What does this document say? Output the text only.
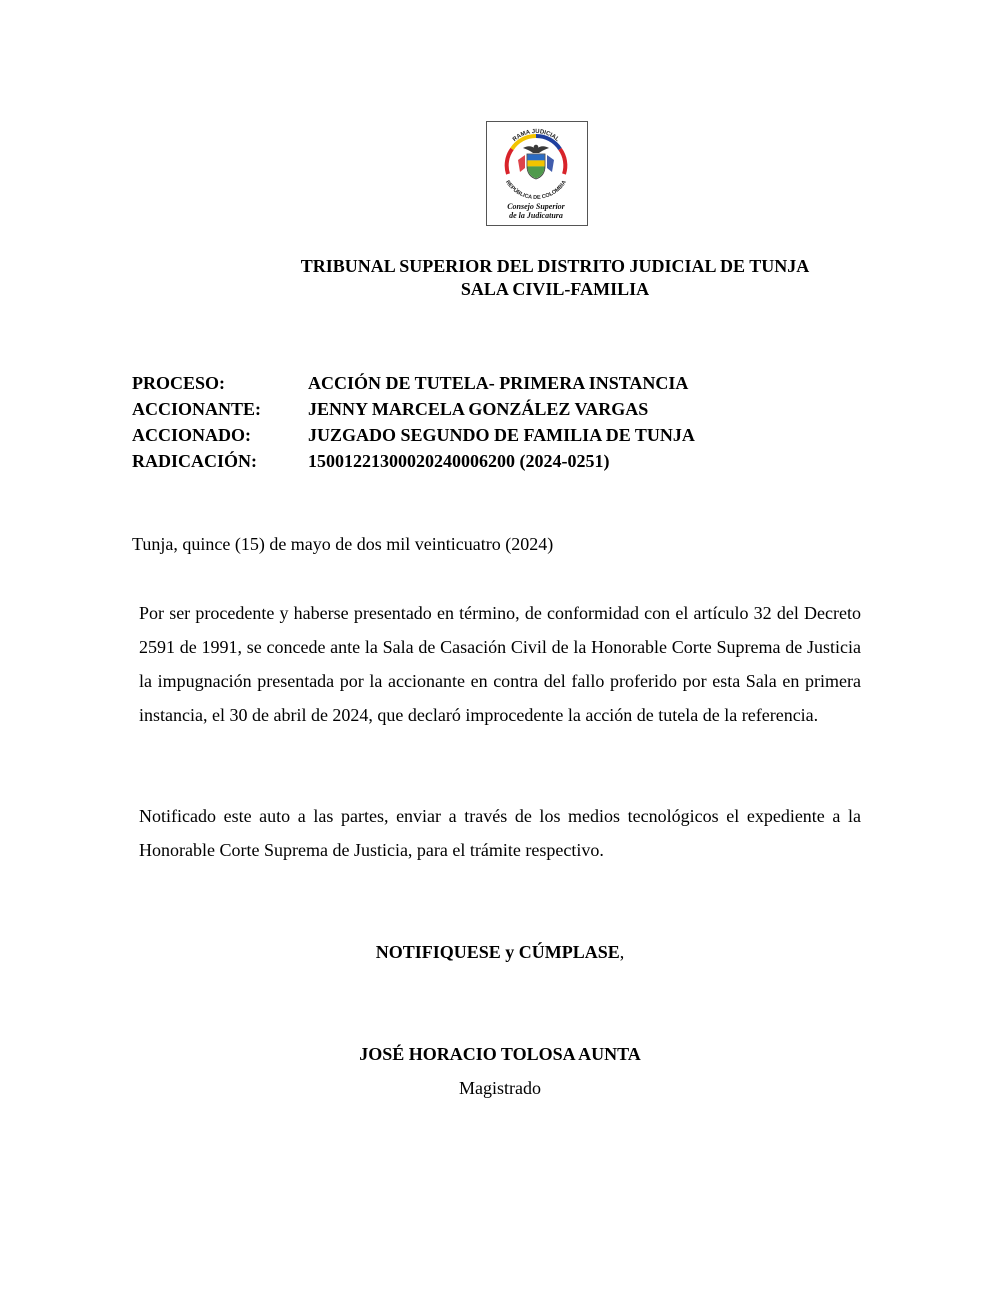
RAMA JUDICIAL
REPÚBLICA DE COLOMBIA
Consejo Superior
de la Judicatura
TRIBUNAL SUPERIOR DEL DISTRITO JUDICIAL DE TUNJA
SALA CIVIL-FAMILIA
PROCESO:	ACCIÓN DE TUTELA- PRIMERA INSTANCIA
ACCIONANTE:	JENNY MARCELA GONZÁLEZ VARGAS
ACCIONADO:	JUZGADO SEGUNDO DE FAMILIA DE TUNJA
RADICACIÓN:	15001221300020240006200 (2024-0251)
Tunja, quince (15) de mayo de dos mil veinticuatro (2024)

Por ser procedente y haberse presentado en término, de conformidad con el artículo 32 del Decreto 2591 de 1991, se concede ante la Sala de Casación Civil de la Honorable Corte Suprema de Justicia la impugnación presentada por la accionante en contra del fallo proferido por esta Sala en primera instancia, el 30 de abril de 2024, que declaró improcedente la acción de tutela de la referencia.

Notificado este auto a las partes, enviar a través de los medios tecnológicos el expediente a la Honorable Corte Suprema de Justicia, para el trámite respectivo.

NOTIFIQUESE y CÚMPLASE,
JOSÉ HORACIO TOLOSA AUNTA
Magistrado
